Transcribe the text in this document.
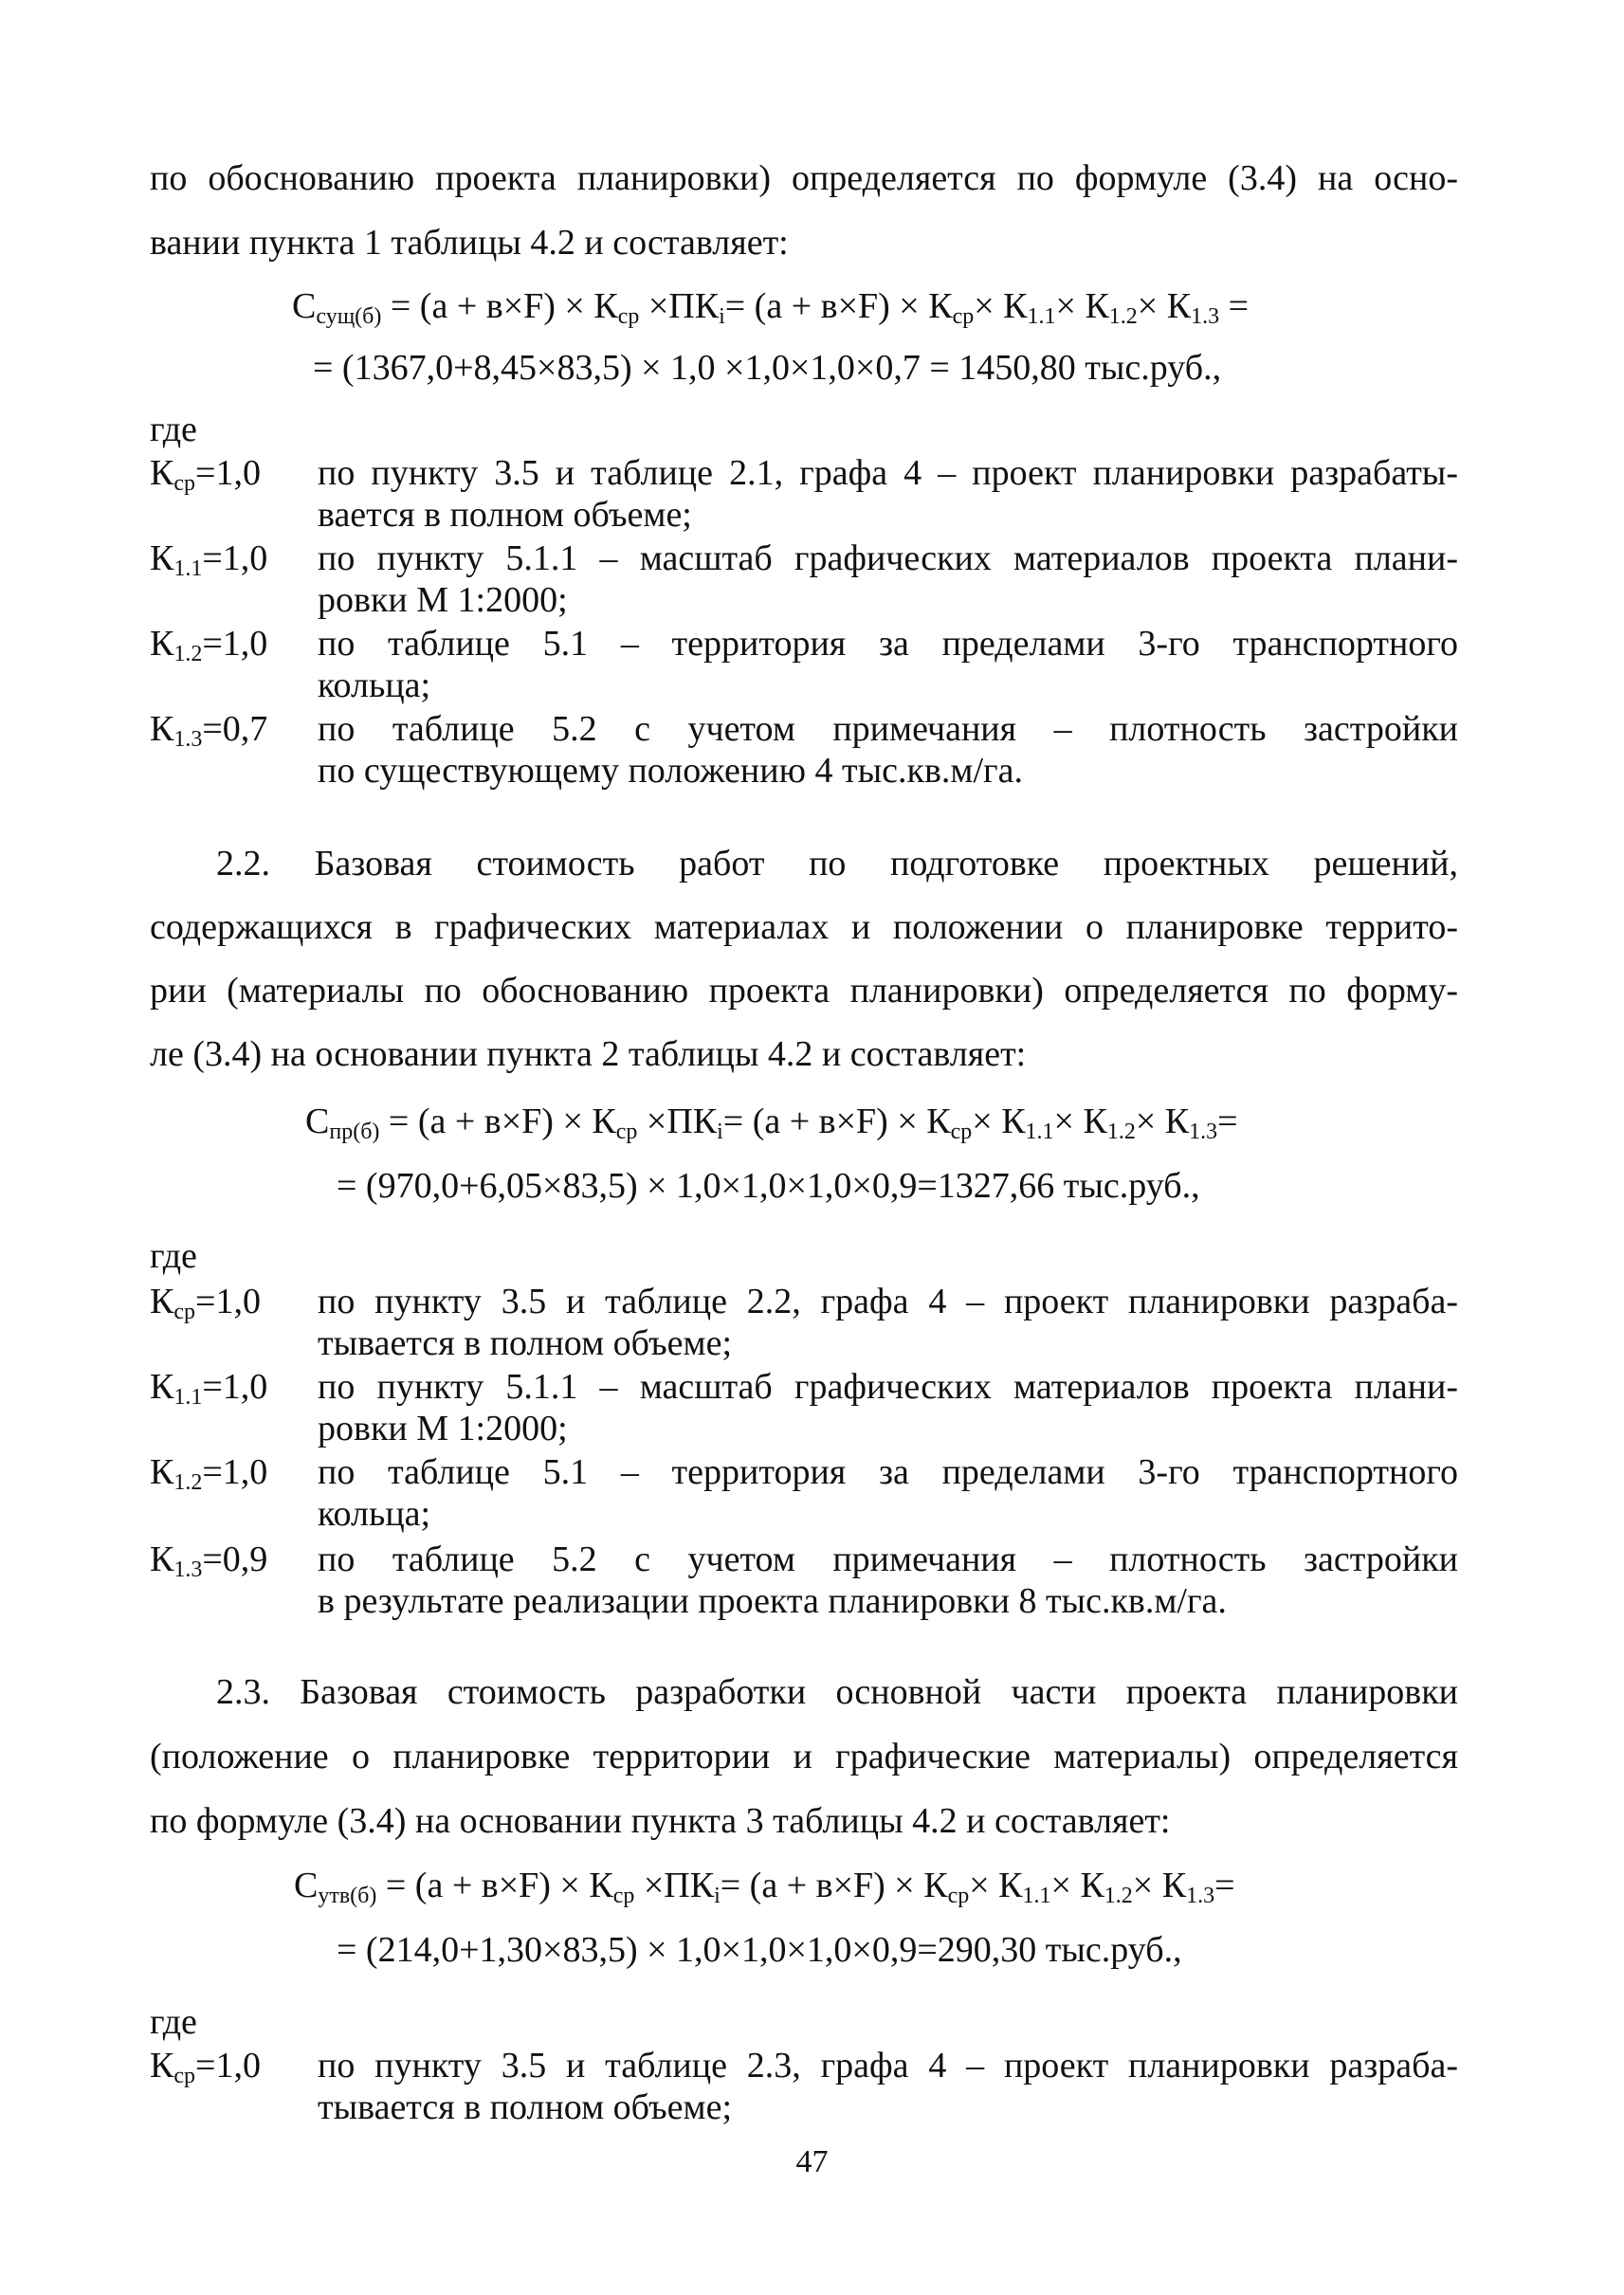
по обоснованию проекта планировки) определяется по формуле (3.4) на осно-
вании пункта 1 таблицы 4.2 и составляет:
$С_{сущ(б)} = (а + в\times F) \times К_{ср} \times ПК_i= (а + в\times F) \times К_{ср}\times К_{1.1}\times К_{1.2}\times К_{1.3}$ =
= (1367,0+8,45×83,5) × 1,0 ×1,0×1,0×0,7 = 1450,80 тыс.руб.,
где
$К_{ср}=1,0$ по пункту 3.5 и таблице 2.1, графа 4 – проект планировки разрабаты-
вается в полном объеме;
$К_{1.1}=1,0$ по пункту 5.1.1 – масштаб графических материалов проекта плани-
ровки М 1:2000;
$К_{1.2}=1,0$ по таблице 5.1 – территория за пределами 3-го транспортного
кольца;
$К_{1.3}=0,7$ по таблице 5.2 с учетом примечания – плотность застройки
по существующему положению 4 тыс.кв.м/га.
2.2. Базовая стоимость работ по подготовке проектных решений,
содержащихся в графических материалах и положении о планировке террито-
рии (материалы по обоснованию проекта планировки) определяется по форму-
ле (3.4) на основании пункта 2 таблицы 4.2 и составляет:
$С_{пр(б)} = (а + в\times F) \times К_{ср} \times ПК_i= (а + в\times F) \times К_{ср}\times К_{1.1}\times К_{1.2}\times К_{1.3}=$
= (970,0+6,05×83,5) × 1,0×1,0×1,0×0,9=1327,66 тыс.руб.,
где
$К_{ср}=1,0$ по пункту 3.5 и таблице 2.2, графа 4 – проект планировки разраба-
тывается в полном объеме;
$К_{1.1}=1,0$ по пункту 5.1.1 – масштаб графических материалов проекта плани-
ровки М 1:2000;
$К_{1.2}=1,0$ по таблице 5.1 – территория за пределами 3-го транспортного
кольца;
$К_{1.3}=0,9$ по таблице 5.2 с учетом примечания – плотность застройки
в результате реализации проекта планировки 8 тыс.кв.м/га.
2.3. Базовая стоимость разработки основной части проекта планировки
(положение о планировке территории и графические материалы) определяется
по формуле (3.4) на основании пункта 3 таблицы 4.2 и составляет:
$С_{утв(б)} = (а + в\times F) \times К_{ср} \times ПК_i= (а + в\times F) \times К_{ср}\times К_{1.1}\times К_{1.2}\times К_{1.3}=$
= (214,0+1,30×83,5) × 1,0×1,0×1,0×0,9=290,30 тыс.руб.,
где
$К_{ср}=1,0$ по пункту 3.5 и таблице 2.3, графа 4 – проект планировки разраба-
тывается в полном объеме;
47
